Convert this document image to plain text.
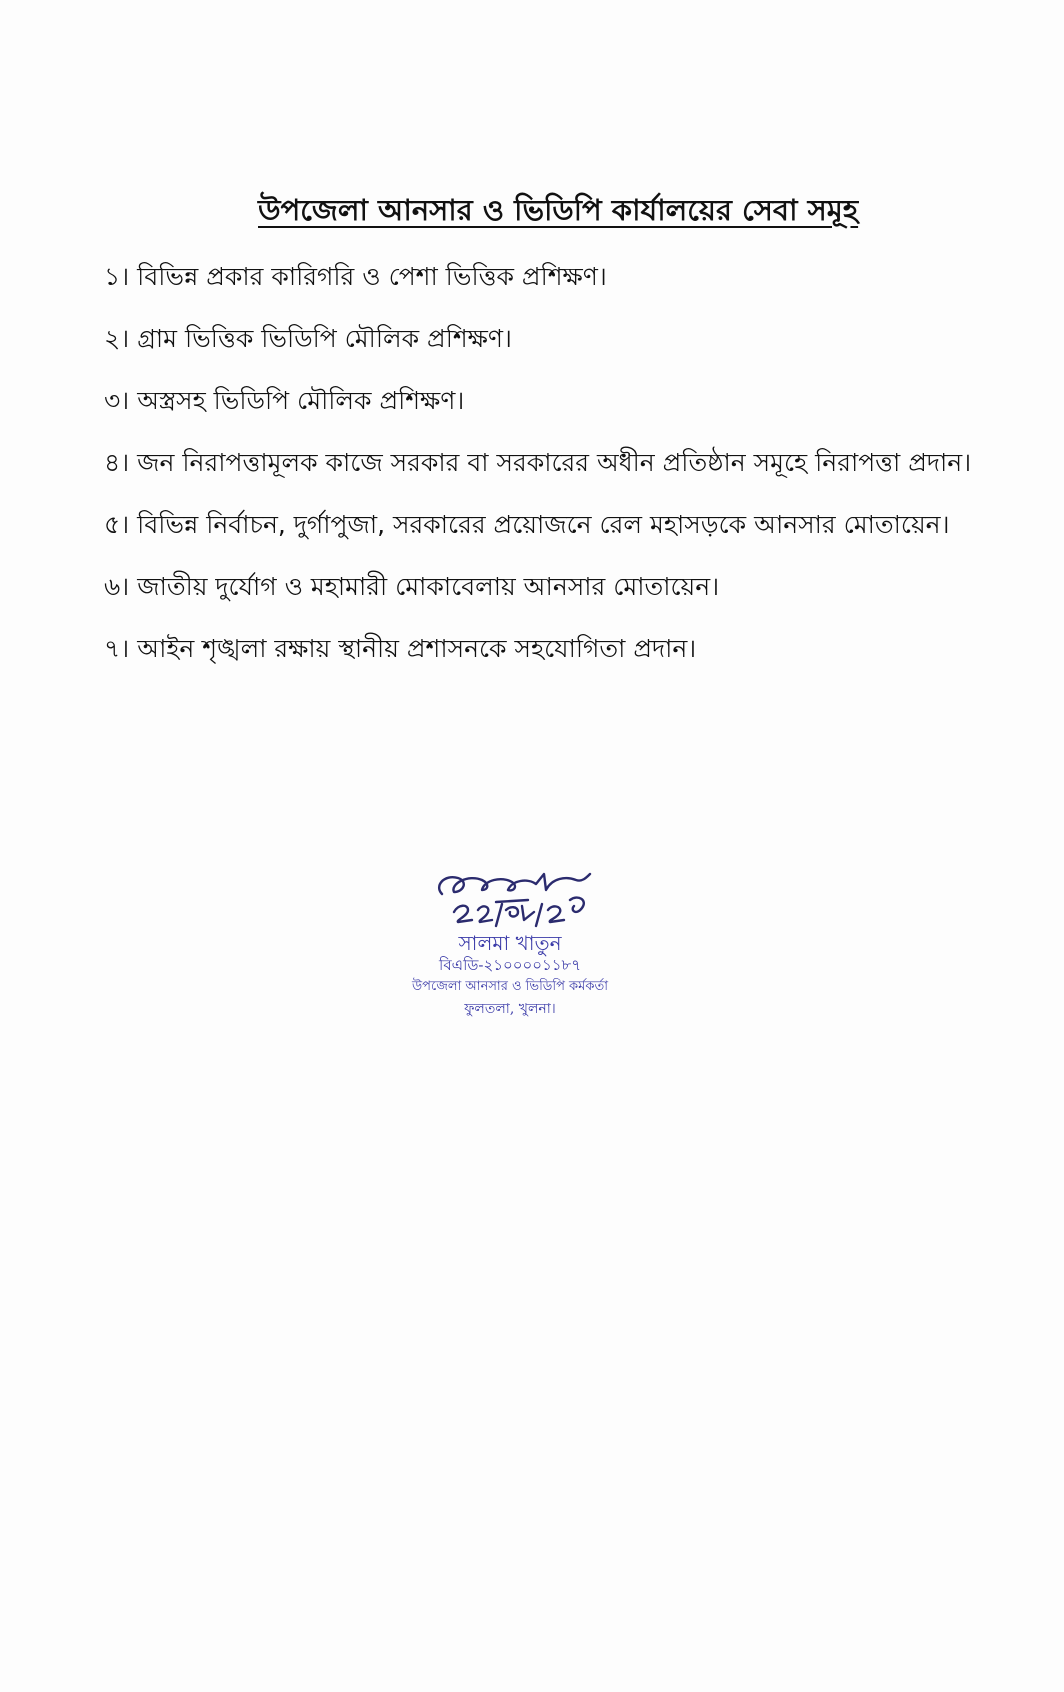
উপজেলা আনসার ও ভিডিপি কার্যালয়ের সেবা সমূহ
১। বিভিন্ন প্রকার কারিগরি ও পেশা ভিত্তিক প্রশিক্ষণ।
২। গ্রাম ভিত্তিক ভিডিপি মৌলিক প্রশিক্ষণ।
৩। অস্ত্রসহ ভিডিপি মৌলিক প্রশিক্ষণ।
৪। জন নিরাপত্তামূলক কাজে সরকার বা সরকারের অধীন প্রতিষ্ঠান সমূহে নিরাপত্তা প্রদান।
৫। বিভিন্ন নির্বাচন, দুর্গাপুজা, সরকারের প্রয়োজনে রেল মহাসড়কে আনসার মোতায়েন।
৬। জাতীয় দুর্যোগ ও মহামারী মোকাবেলায় আনসার মোতায়েন।
৭। আইন শৃঙ্খলা রক্ষায় স্থানীয় প্রশাসনকে সহযোগিতা প্রদান।
সালমা খাতুন
বিএডি-২১০০০০১১৮৭
উপজেলা আনসার ও ভিডিপি কর্মকর্তা
ফুলতলা, খুলনা।
